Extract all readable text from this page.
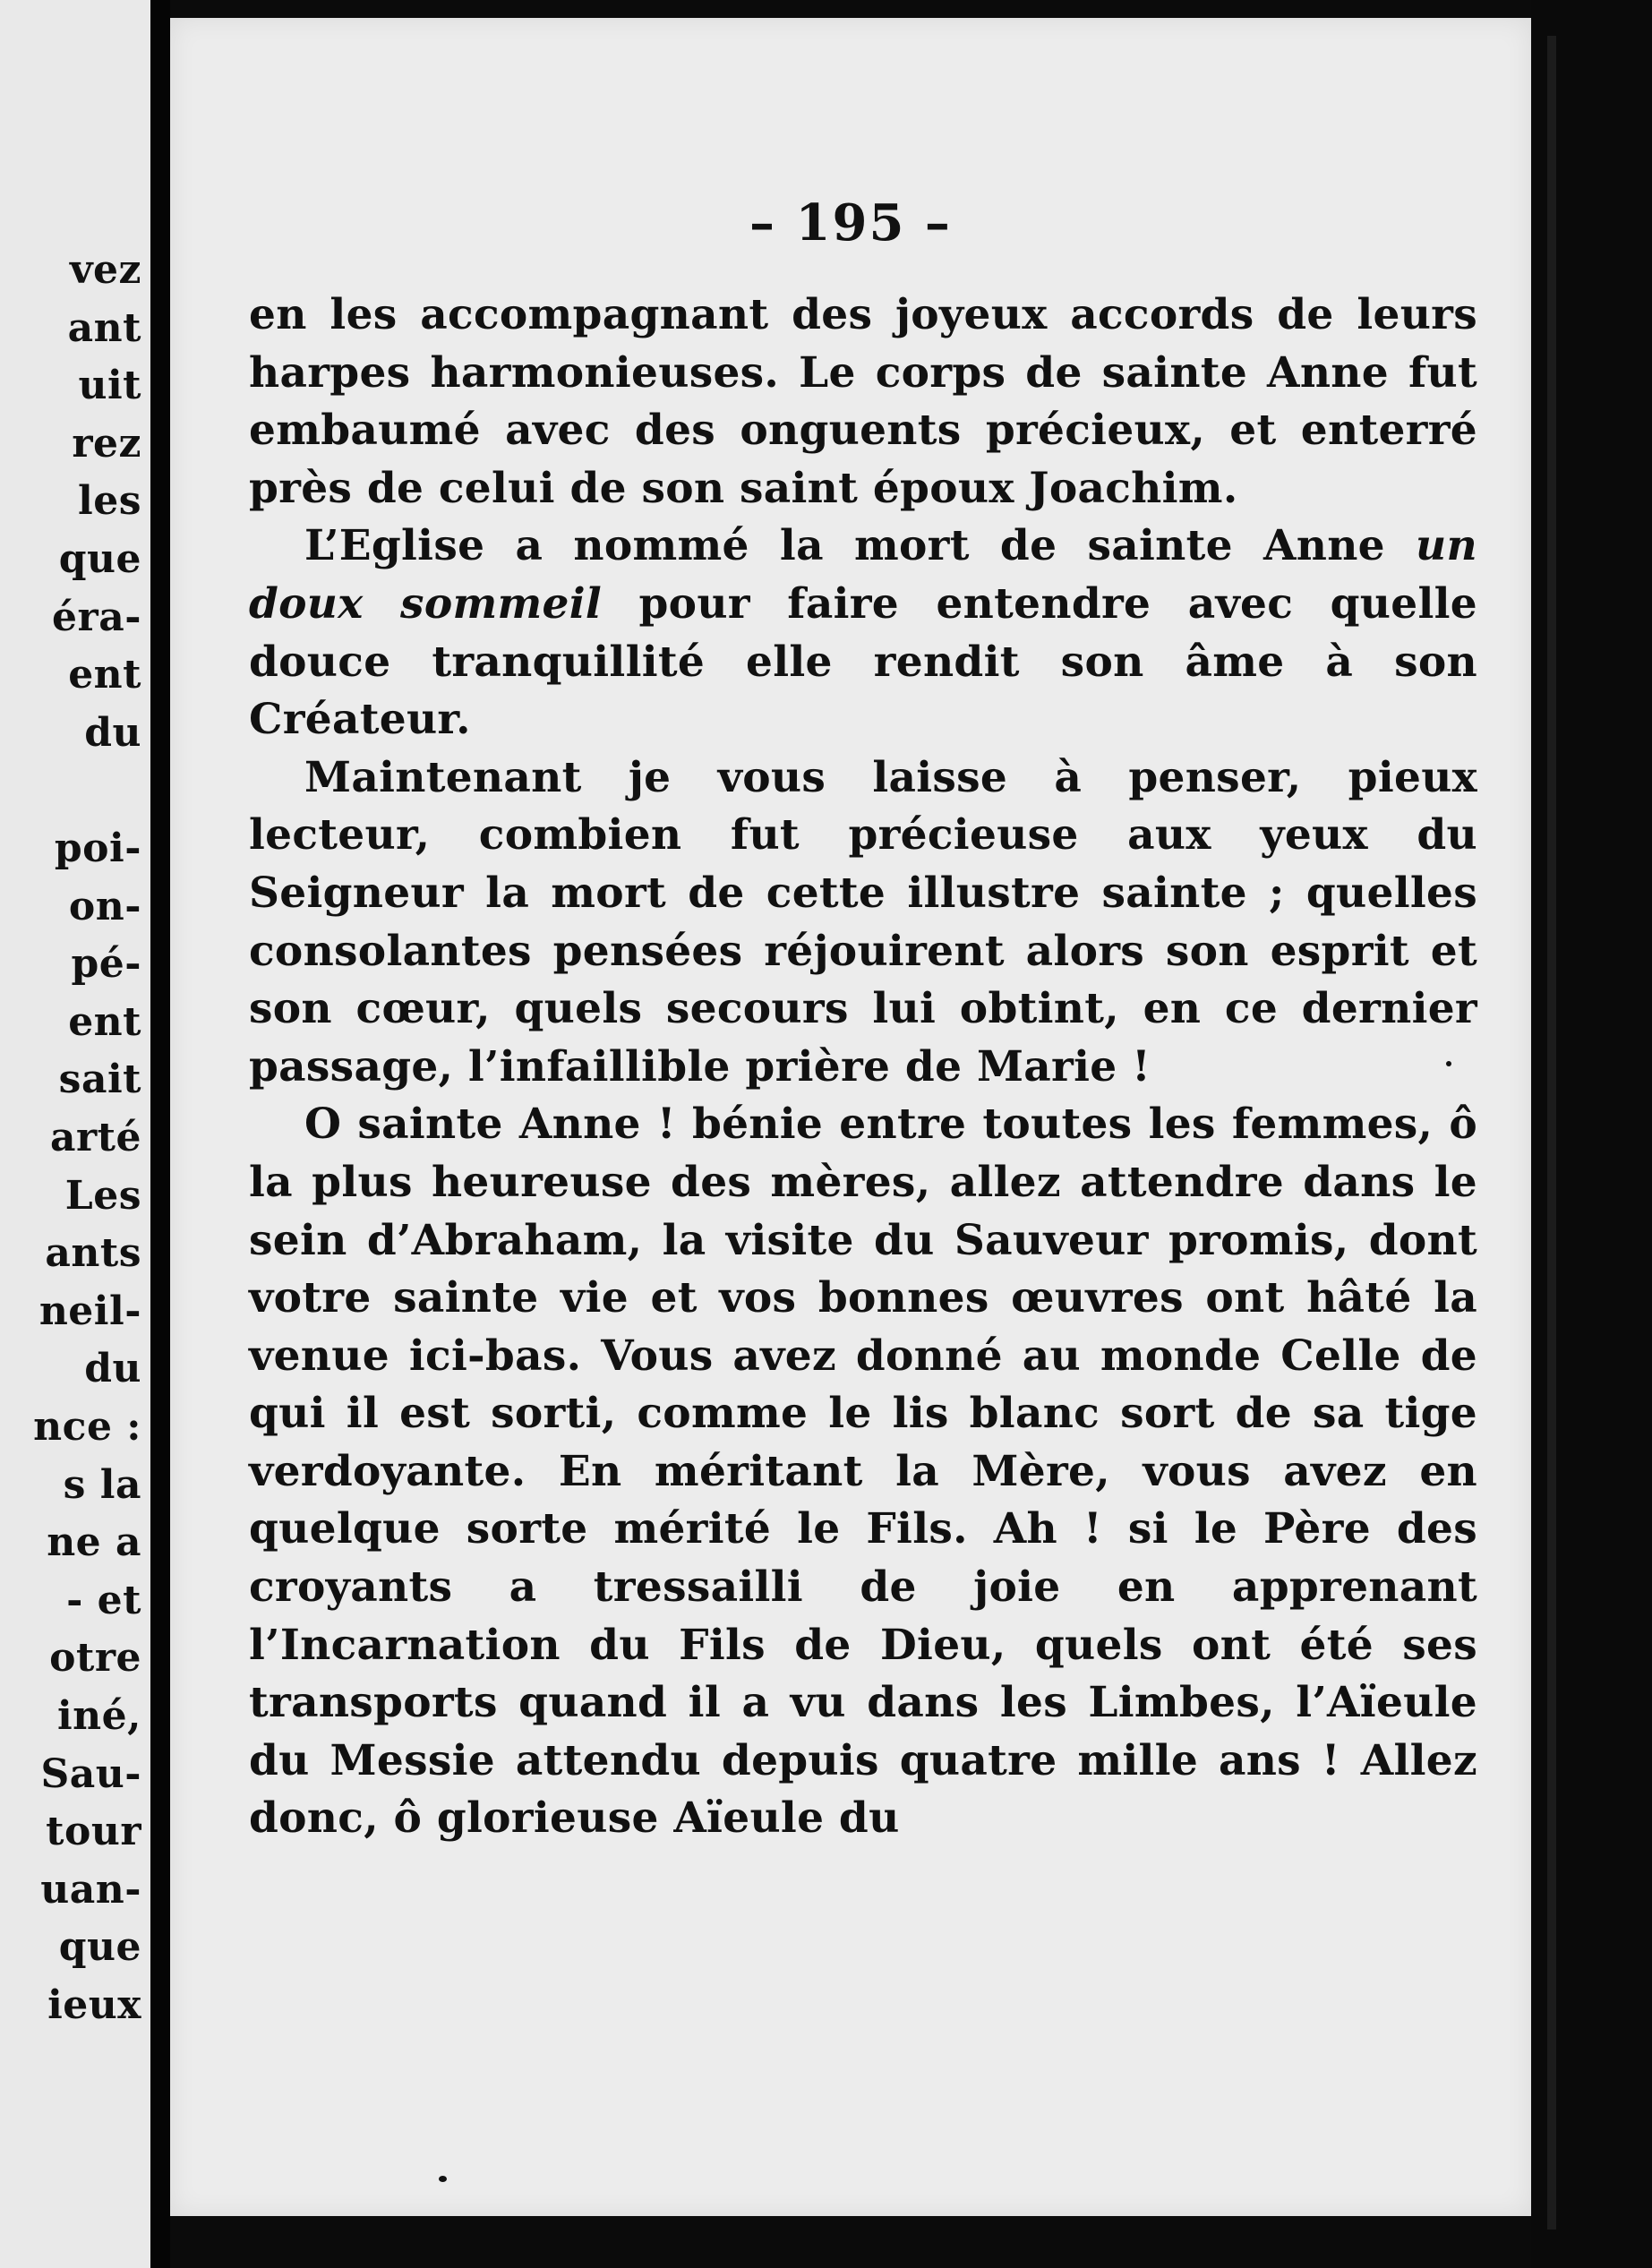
vez

ant

uit

rez

les

que

éra-

ent

du

poi-

on-

pé-

ent

sait

arté

Les

ants

neil-

du

nce :

s la

ne a

- et

otre

iné,

Sau-

tour

uan-

que

ieux

– 195 –

en les accompagnant des joyeux accords de leurs harpes harmonieuses. Le corps de sainte Anne fut embaumé avec des onguents précieux, et enterré près de celui de son saint époux Joachim.

L’Eglise a nommé la mort de sainte Anne un doux sommeil pour faire entendre avec quelle douce tranquillité elle rendit son âme à son Créateur.

Maintenant je vous laisse à penser, pieux lecteur, combien fut précieuse aux yeux du Seigneur la mort de cette illustre sainte ; quelles consolantes pensées réjouirent alors son esprit et son cœur, quels secours lui obtint, en ce dernier passage, l’infaillible prière de Marie !

O sainte Anne ! bénie entre toutes les femmes, ô la plus heureuse des mères, allez attendre dans le sein d’Abraham, la visite du Sauveur promis, dont votre sainte vie et vos bonnes œuvres ont hâté la venue ici-bas. Vous avez donné au monde Celle de qui il est sorti, comme le lis blanc sort de sa tige verdoyante. En méritant la Mère, vous avez en quelque sorte mérité le Fils. Ah ! si le Père des croyants a tressailli de joie en apprenant l’Incarnation du Fils de Dieu, quels ont été ses transports quand il a vu dans les Limbes, l’Aïeule du Messie attendu depuis quatre mille ans ! Allez donc, ô glorieuse Aïeule du
